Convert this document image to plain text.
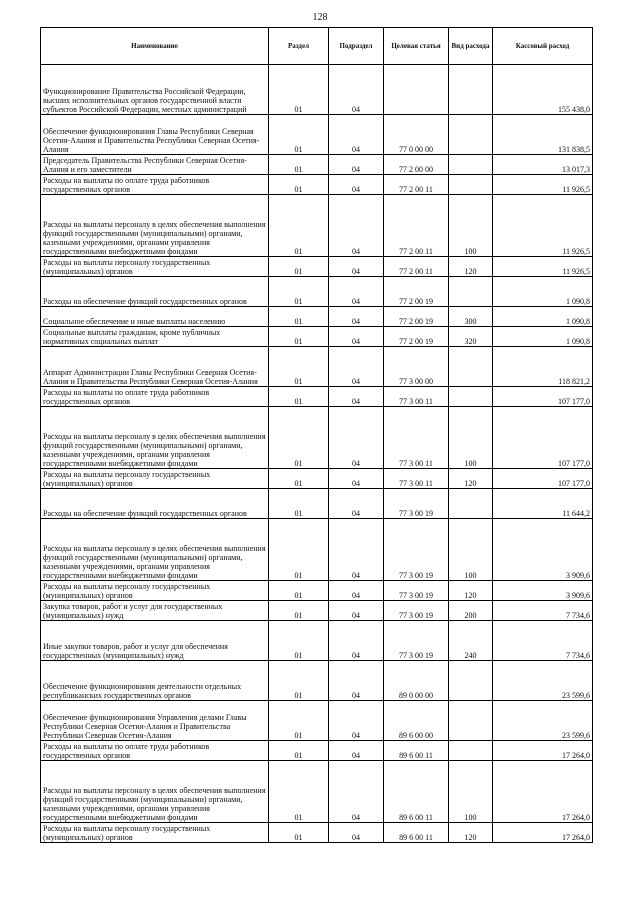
128
Наименование	Раздел	Подраздел	Целевая статья	Вид расхода	Кассовый расход
Функционирование Правительства Российской Федерации, высших исполнительных органов государственной власти субъектов Российской Федерации, местных администраций	01	04			155 438,0
Обеспечение функционирования Главы Республики Северная Осетия-Алания и Правительства Республики Северная Осетия-Алания	01	04	77 0 00 00		131 838,5
Председатель Правительства Республики Северная Осетия-Алания и его заместители	01	04	77 2 00 00		13 017,3
Расходы на выплаты по оплате труда работников государственных органов	01	04	77 2 00 11		11 926,5
Расходы на выплаты персоналу в целях обеспечения выполнения функций государственными (муниципальными) органами, казенными учреждениями, органами управления государственными внебюджетными фондами	01	04	77 2 00 11	100	11 926,5
Расходы на выплаты персоналу государственных (муниципальных) органов	01	04	77 2 00 11	120	11 926,5
Расходы на обеспечение функций государственных органов	01	04	77 2 00 19		1 090,8
Социальное обеспечение и иные выплаты населению	01	04	77 2 00 19	300	1 090,8
Социальные выплаты гражданам, кроме публичных нормативных социальных выплат	01	04	77 2 00 19	320	1 090,8
Аппарат Администрации Главы Республики Северная Осетия-Алания и Правительства Республики Северная Осетия-Алания	01	04	77 3 00 00		118 821,2
Расходы на выплаты по оплате труда работников государственных органов	01	04	77 3 00 11		107 177,0
Расходы на выплаты персоналу в целях обеспечения выполнения функций государственными (муниципальными) органами, казенными учреждениями, органами управления государственными внебюджетными фондами	01	04	77 3 00 11	100	107 177,0
Расходы на выплаты персоналу государственных (муниципальных) органов	01	04	77 3 00 11	120	107 177,0
Расходы на обеспечение функций государственных органов	01	04	77 3 00 19		11 644,2
Расходы на выплаты персоналу в целях обеспечения выполнения функций государственными (муниципальными) органами, казенными учреждениями, органами управления государственными внебюджетными фондами	01	04	77 3 00 19	100	3 909,6
Расходы на выплаты персоналу государственных (муниципальных) органов	01	04	77 3 00 19	120	3 909,6
Закупка товаров, работ и услуг для государственных (муниципальных) нужд	01	04	77 3 00 19	200	7 734,6
Иные закупки товаров, работ и услуг для обеспечения государственных (муниципальных) нужд	01	04	77 3 00 19	240	7 734,6
Обеспечение функционирования деятельности отдельных республиканских государственных органов	01	04	89 0 00 00		23 599,6
Обеспечение функционирования Управления делами Главы Республики Северная Осетия-Алания и Правительства Республики Северная Осетия-Алания	01	04	89 6 00 00		23 599,6
Расходы на выплаты по оплате труда работников государственных органов	01	04	89 6 00 11		17 264,0
Расходы на выплаты персоналу в целях обеспечения выполнения функций государственными (муниципальными) органами, казенными учреждениями, органами управления государственными внебюджетными фондами	01	04	89 6 00 11	100	17 264,0
Расходы на выплаты персоналу государственных (муниципальных) органов	01	04	89 6 00 11	120	17 264,0
